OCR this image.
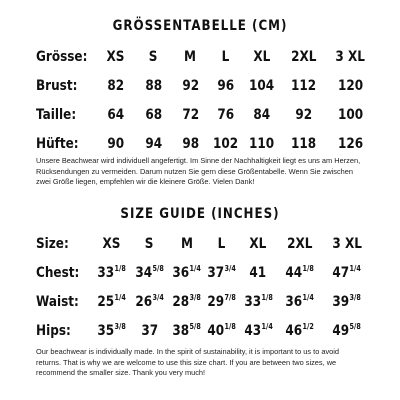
GRÖSSENTABELLE (CM)
Grösse:	XS	S	M	L	XL	2XL	3 XL
Brust:	82	88	92	96	104	112	120
Taille:	64	68	72	76	84	92	100
Hüfte:	90	94	98	102	110	118	126
Unsere Beachwear wird individuell angefertigt. Im Sinne der Nachhaltigkeit liegt es uns am Herzen, Rücksendungen zu vermeiden. Darum nutzen Sie gern diese Größentabelle. Wenn Sie zwischen zwei Größe liegen, empfehlen wir die kleinere Größe. Vielen Dank!
SIZE GUIDE (INCHES)
Size:	XS	S	M	L	XL	2XL	3 XL
Chest:	$33^{1/8}$	$34^{5/8}$	$36^{1/4}$	$37^{3/4}$	41	$44^{1/8}$	$47^{1/4}$
Waist:	$25^{1/4}$	$26^{3/4}$	$28^{3/8}$	$29^{7/8}$	$33^{1/8}$	$36^{1/4}$	$39^{3/8}$
Hips:	$35^{3/8}$	37	$38^{5/8}$	$40^{1/8}$	$43^{1/4}$	$46^{1/2}$	$49^{5/8}$
Our beachwear is individually made. In the spirit of sustainability, it is important to us to avoid returns. That is why we are welcome to use this size chart. If you are between two sizes, we recommend the smaller size. Thank you very much!
